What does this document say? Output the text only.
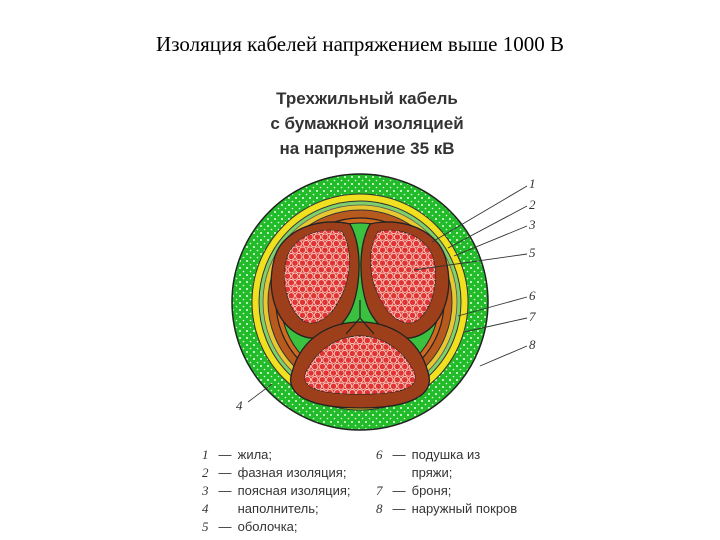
Изоляция кабелей напряжением выше 1000 В
Трехжильный кабель
с бумажной изоляцией
на напряжение 35 кВ
1
2
3
5
6
7
8
4
1 — жила;
2 — фазная изоляция;
3 — поясная изоляция;
4 наполнитель;
5 — оболочка;
6 — подушка из
пряжи;
7 — броня;
8 — наружный покров
